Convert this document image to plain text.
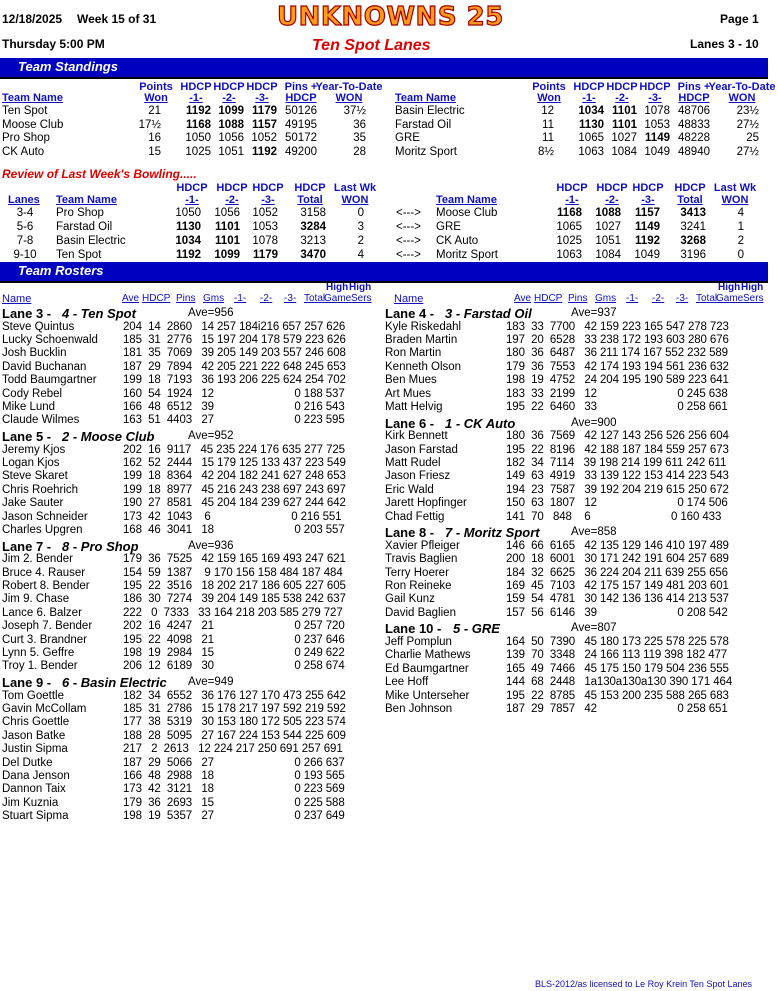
12/18/2025 Week 15 of 31	UNKNOWNS 25	Page 1
Thursday 5:00 PM	Ten Spot Lanes	Lanes 3 - 10
Team Standings
Points
Won
Team Name
HDCP
-1-
HDCP
-2-
HDCP
-3-
Pins +
HDCP
Year-To-Date
WON
Ten Spot	21	1192 1099 1179 50126	37½
Moose Club	17½	1168 1088 1157 49195	36
Pro Shop	16	1050 1056 1052 50172	35
CK Auto	15	1025 1051 1192 49200	28
Points
Won
Team Name
HDCP
-1-
HDCP
-2-
HDCP
-3-
Pins +
HDCP
Year-To-Date
WON
Basin Electric	12	1034 1101 1078 48706	23½
Farstad Oil	11	1130 1101 1053 48833	27½
GRE	11	1065 1027 1149 48228	25
Moritz Sport	8½	1063 1084 1049 48940	27½
Review of Last Week's Bowling.....
Lanes Team Name
HDCP
-1-
HDCP
-2-
HDCP
-3-
HDCP
Total
Last Wk
WON	Team Name
HDCP
-1-
HDCP
-2-
HDCP
-3-
HDCP
Total
Last Wk
WON
3-4	Pro Shop	1050	1056	1052	3158	0	<---> Moose Club	1168	1088	1157	3413	4
5-6	Farstad Oil	1130	1101	1053	3284	3	<---> GRE	1065	1027	1149	3241	1
7-8	Basin Electric	1034	1101	1078	3213	2	<---> CK Auto	1025	1051	1192	3268	2
9-10	Ten Spot	1192	1099	1179	3470	4	<---> Moritz Sport	1063	1084	1049	3196	0
Team Rosters
Name	Ave HDCP Pins Gms -1- -2- -3- Total
Game Sers
High High
Name	Ave HDCP Pins Gms -1- -2- -3- Total
Game Sers
High High
Lane 3 - 4 - Ten Spot	Ave=956
Steve Quintus	204  14  2860   14 257 184i216 657 257 626
Lucky Schoenwald 185  31  2776   15 197 204 178 579 223 626
Josh Bucklin	181  35  7069   39 205 149 203 557 246 608
David Buchanan	187  29  7894   42 205 221 222 648 245 653
Todd Baumgartner 199  18  7193   36 193 206 225 624 254 702
Cody Rebel	160  54  1924   12                          0 188 537
Mike Lund	166  48  6512   39                          0 216 543
Claude Wilmes	163  51  4403   27                          0 223 595
Lane 5 - 2 - Moose Club	Ave=952
Jeremy Kjos	202  16  9117   45 235 224 176 635 277 725
Logan Kjos	162  52  2444   15 179 125 133 437 223 549
Steve Skaret	199  18  8364   42 204 182 241 627 248 653
Chris Roehrich	199  18  8977   45 216 243 238 697 243 697
Jake Sauter	190  27  8581   45 204 184 239 627 244 642
Jason Schneider	173  42  1043    6                          0 216 551
Charles Upgren	168  46  3041   18                          0 203 557
Lane 7 - 8 - Pro Shop	Ave=936
Jim 2. Bender	179  36  7525   42 159 165 169 493 247 621
Bruce 4. Rauser	154  59  1387    9 170 156 158 484 187 484
Robert 8. Bender	195  22  3516   18 202 217 186 605 227 605
Jim 9. Chase	186  30  7274   39 204 149 185 538 242 637
Lance 6. Balzer	222   0  7333   33 164 218 203 585 279 727
Joseph 7. Bender	202  16  4247   21                          0 257 720
Curt 3. Brandner	195  22  4098   21                          0 237 646
Lynn 5. Geffre	198  19  2984   15                          0 249 622
Troy 1. Bender	206  12  6189   30                          0 258 674
Lane 9 - 6 - Basin Electric Ave=949
Tom Goettle	182  34  6552   36 176 127 170 473 255 642
Gavin McCollam	185  31  2786   15 178 217 197 592 219 592
Chris Goettle	177  38  5319   30 153 180 172 505 223 574
Jason Batke	188  28  5095   27 167 224 153 544 225 609
Justin Sipma	217   2  2613   12 224 217 250 691 257 691
Del Dutke	187  29  5066   27                          0 266 637
Dana Jenson	166  48  2988   18                          0 193 565
Dannon Taix	173  42  3121   18                          0 223 569
Jim Kuznia	179  36  2693   15                          0 225 588
Stuart Sipma	198  19  5357   27                          0 237 649
Lane 4 - 3 - Farstad Oil	Ave=937
Kyle Riskedahl	183  33  7700   42 159 223 165 547 278 723
Braden Martin	197  20  6528   33 238 172 193 603 280 676
Ron Martin	180  36  6487   36 211 174 167 552 232 589
Kenneth Olson	179  36  7553   42 174 193 194 561 236 632
Ben Mues	198  19  4752   24 204 195 190 589 223 641
Art Mues	183  33  2199   12                          0 245 638
Matt Helvig	195  22  6460   33                          0 258 661
Lane 6 - 1 - CK Auto	Ave=900
Kirk Bennett	180  36  7569   42 127 143 256 526 256 604
Jason Farstad	195  22  8196   42 188 187 184 559 257 673
Matt Rudel	182  34  7114   39 198 214 199 611 242 611
Jason Friesz	149  63  4919   33 139 122 153 414 223 543
Eric Wald	194  23  7587   39 192 204 219 615 250 672
Jarett Hopfinger	150  63  1807   12                          0 174 506
Chad Fettig	141  70   848    6                          0 160 433
Lane 8 - 7 - Moritz Sport	Ave=858
Xavier Pfleiger	146  66  6165   42 135 129 146 410 197 489
Travis Baglien	200  18  6001   30 171 242 191 604 257 689
Terry Hoerer	184  32  6625   36 224 204 211 639 255 656
Ron Reineke	169  45  7103   42 175 157 149 481 203 601
Gail Kunz	159  54  4781   30 142 136 136 414 213 537
David Baglien	157  56  6146   39                          0 208 542
Lane 10 - 5 - GRE	Ave=807
Jeff Pomplun	164  50  7390   45 180 173 225 578 225 578
Charlie Mathews	139  70  3348   24 166 113 119 398 182 477
Ed Baumgartner	165  49  7466   45 175 150 179 504 236 555
Lee Hoff	144  68  2448   1a130a130a130 390 171 464
Mike Unterseher	195  22  8785   45 153 200 235 588 265 683
Ben Johnson	187  29  7857   42                          0 258 651
BLS-2012/as licensed to Le Roy Krein Ten Spot Lanes
